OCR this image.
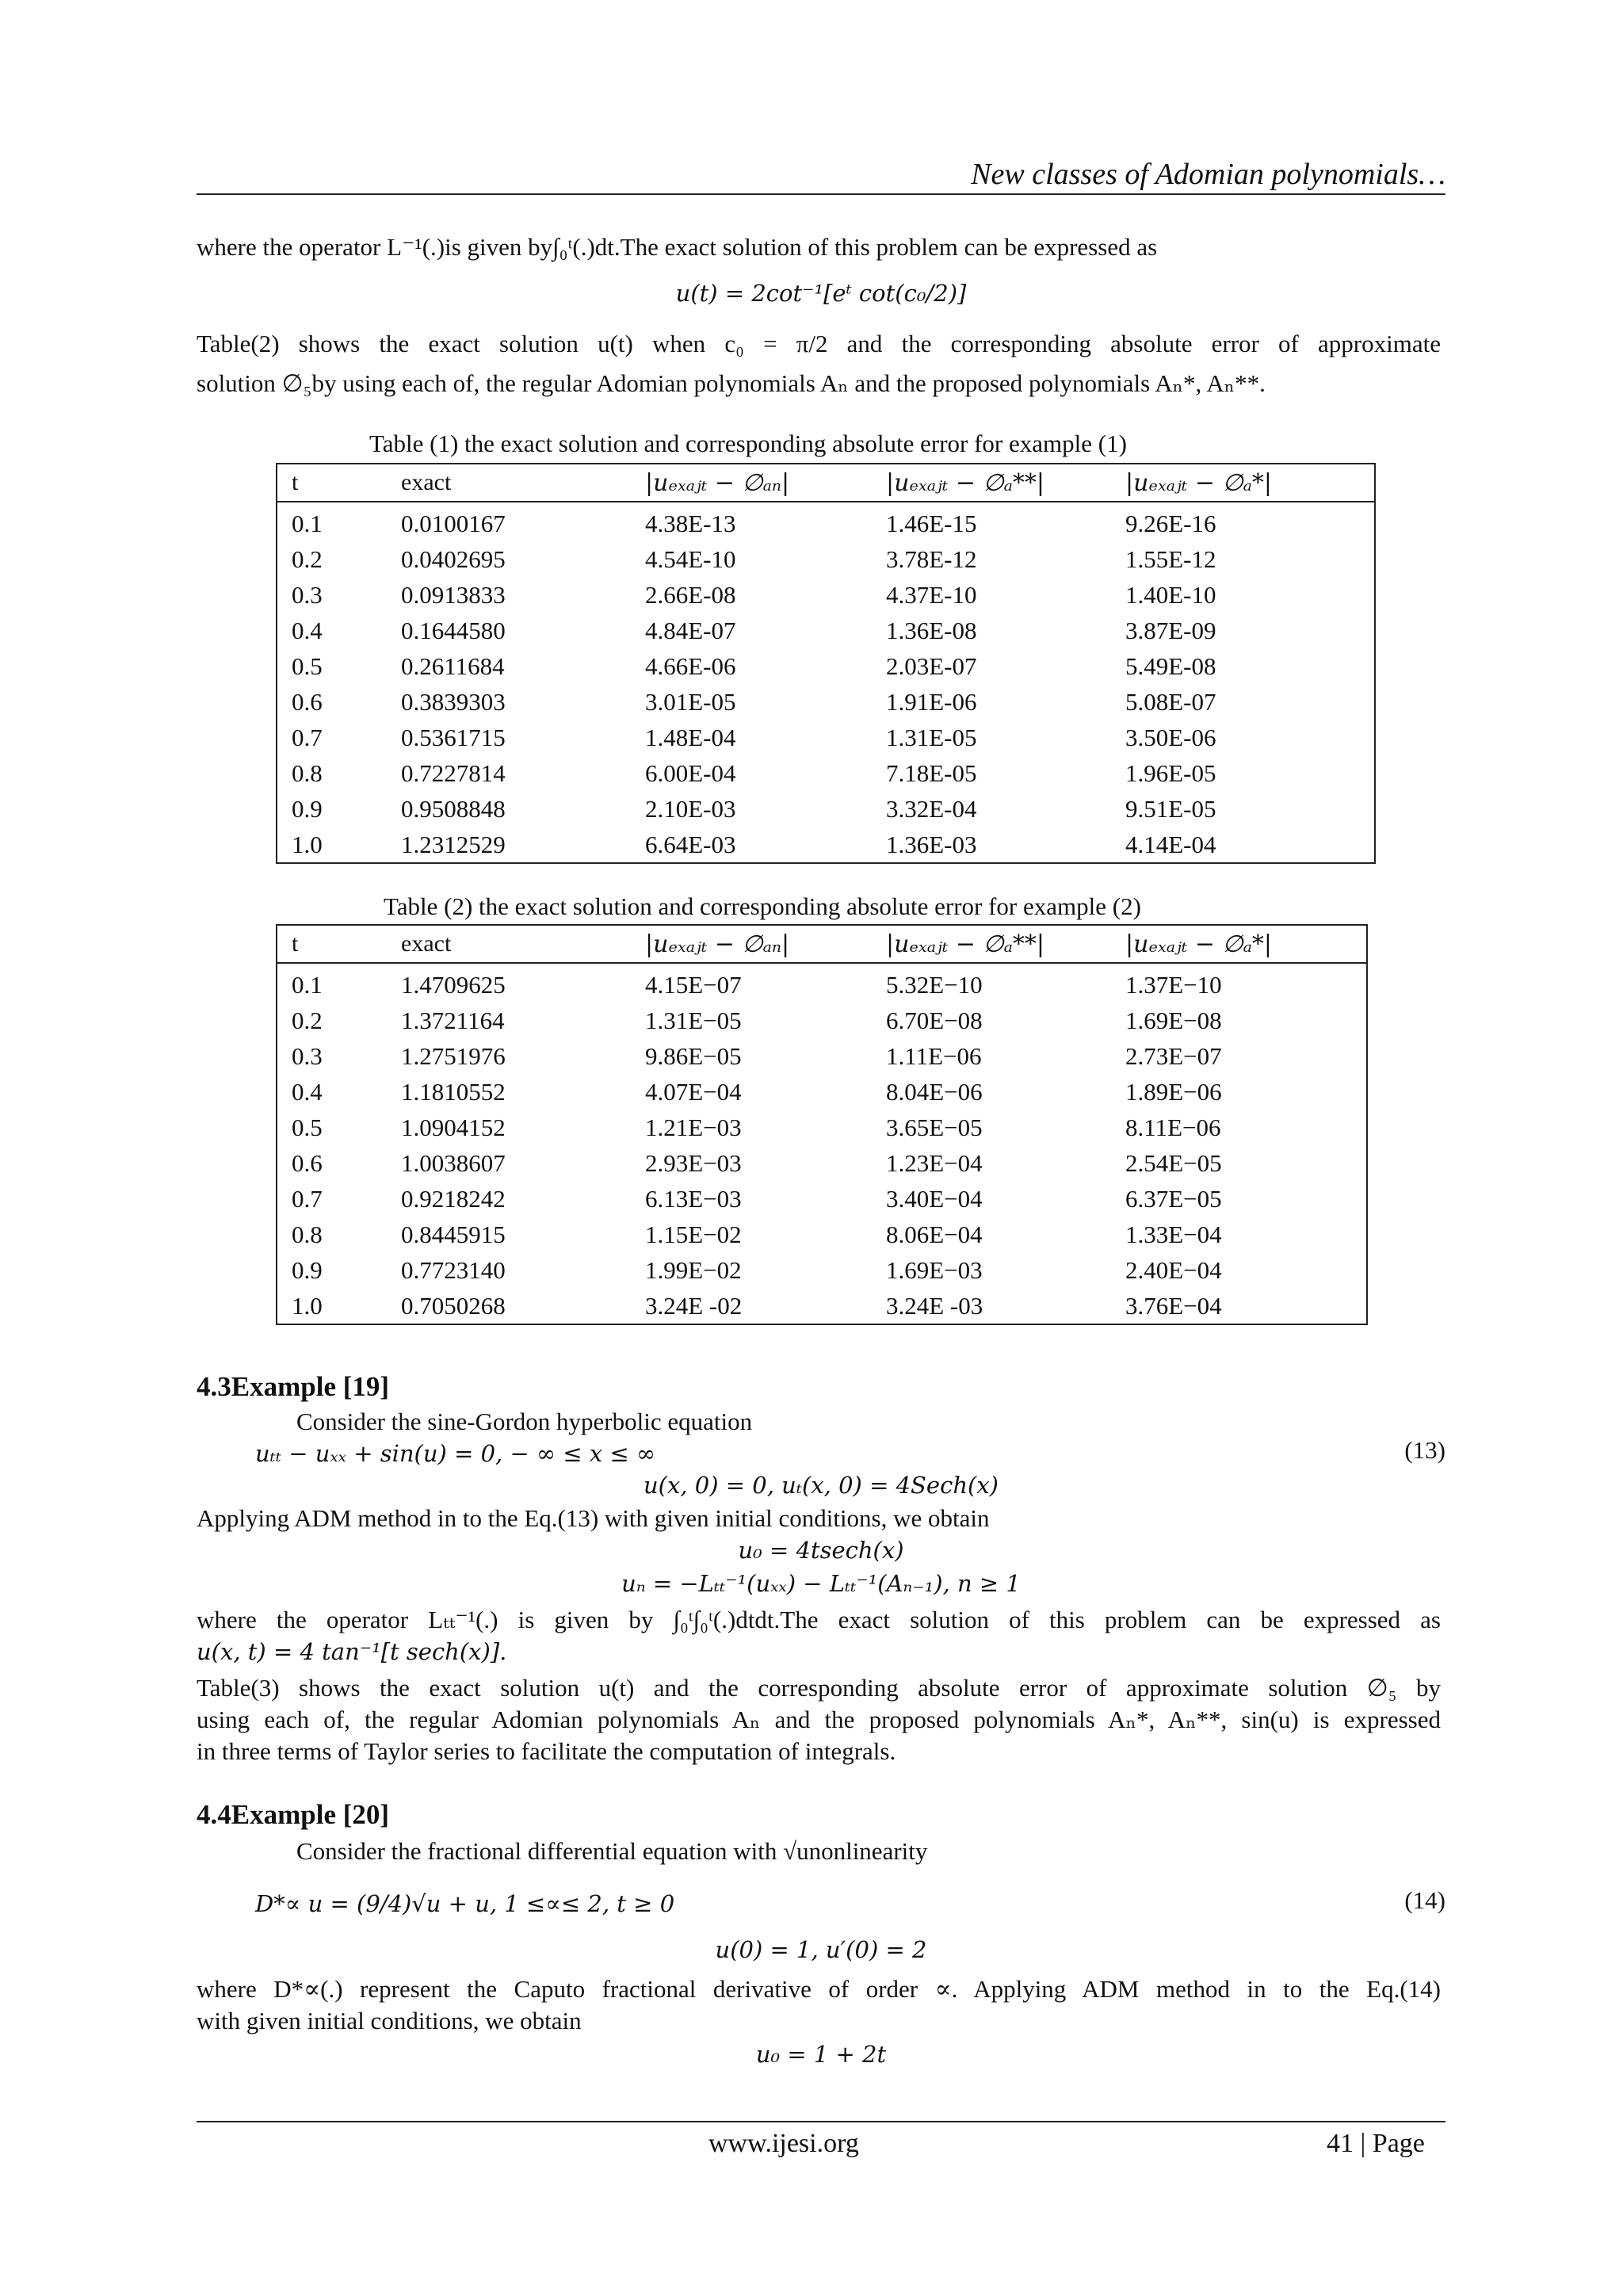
New classes of Adomian polynomials…
where the operator L⁻¹(.)is given by∫₀ᵗ(.)dt.The exact solution of this problem can be expressed as
u(t) = 2cot⁻¹[eᵗ cot(c₀/2)]
Table(2) shows the exact solution u(t) when c₀ = π/2 and the corresponding absolute error of approximate
solution ∅₅by using each of, the regular Adomian polynomials Aₙ and the proposed polynomials Aₙ*, Aₙ**.
Table (1) the exact solution and corresponding absolute error for example (1)
t	exact	|uₑₓₐⱼₜ − ∅ₐₙ|	|uₑₓₐⱼₜ − ∅ₐ**|	|uₑₓₐⱼₜ − ∅ₐ*|
0.1	0.0100167	4.38E-13	1.46E-15	9.26E-16
0.2	0.0402695	4.54E-10	3.78E-12	1.55E-12
0.3	0.0913833	2.66E-08	4.37E-10	1.40E-10
0.4	0.1644580	4.84E-07	1.36E-08	3.87E-09
0.5	0.2611684	4.66E-06	2.03E-07	5.49E-08
0.6	0.3839303	3.01E-05	1.91E-06	5.08E-07
0.7	0.5361715	1.48E-04	1.31E-05	3.50E-06
0.8	0.7227814	6.00E-04	7.18E-05	1.96E-05
0.9	0.9508848	2.10E-03	3.32E-04	9.51E-05
1.0	1.2312529	6.64E-03	1.36E-03	4.14E-04
Table (2) the exact solution and corresponding absolute error for example (2)
t	exact	|uₑₓₐⱼₜ − ∅ₐₙ|	|uₑₓₐⱼₜ − ∅ₐ**|	|uₑₓₐⱼₜ − ∅ₐ*|
0.1	1.4709625	4.15E−07	5.32E−10	1.37E−10
0.2	1.3721164	1.31E−05	6.70E−08	1.69E−08
0.3	1.2751976	9.86E−05	1.11E−06	2.73E−07
0.4	1.1810552	4.07E−04	8.04E−06	1.89E−06
0.5	1.0904152	1.21E−03	3.65E−05	8.11E−06
0.6	1.0038607	2.93E−03	1.23E−04	2.54E−05
0.7	0.9218242	6.13E−03	3.40E−04	6.37E−05
0.8	0.8445915	1.15E−02	8.06E−04	1.33E−04
0.9	0.7723140	1.99E−02	1.69E−03	2.40E−04
1.0	0.7050268	3.24E -02	3.24E -03	3.76E−04
4.3Example [19]
Consider the sine-Gordon hyperbolic equation
uₜₜ − uₓₓ + sin(u) = 0, − ∞ ≤ x ≤ ∞	(13)
u(x, 0) = 0, uₜ(x, 0) = 4Sech(x)
Applying ADM method in to the Eq.(13) with given initial conditions, we obtain
u₀ = 4tsech(x)
uₙ = −Lₜₜ⁻¹(uₓₓ) − Lₜₜ⁻¹(Aₙ₋₁), n ≥ 1
where the operator Lₜₜ⁻¹(.) is given by ∫₀ᵗ∫₀ᵗ(.)dtdt.The exact solution of this problem can be expressed as
u(x, t) = 4 tan⁻¹[t sech(x)].
Table(3) shows the exact solution u(t) and the corresponding absolute error of approximate solution ∅₅ by
using each of, the regular Adomian polynomials Aₙ and the proposed polynomials Aₙ*, Aₙ**, sin(u) is expressed
in three terms of Taylor series to facilitate the computation of integrals.
4.4Example [20]
Consider the fractional differential equation with √unonlinearity
D*∝ u = (9/4)√u + u, 1 ≤∝≤ 2, t ≥ 0	(14)
u(0) = 1, u′(0) = 2
where D*∝(.) represent the Caputo fractional derivative of order ∝. Applying ADM method in to the Eq.(14)
with given initial conditions, we obtain
u₀ = 1 + 2t
www.ijesi.org	41 | Page
